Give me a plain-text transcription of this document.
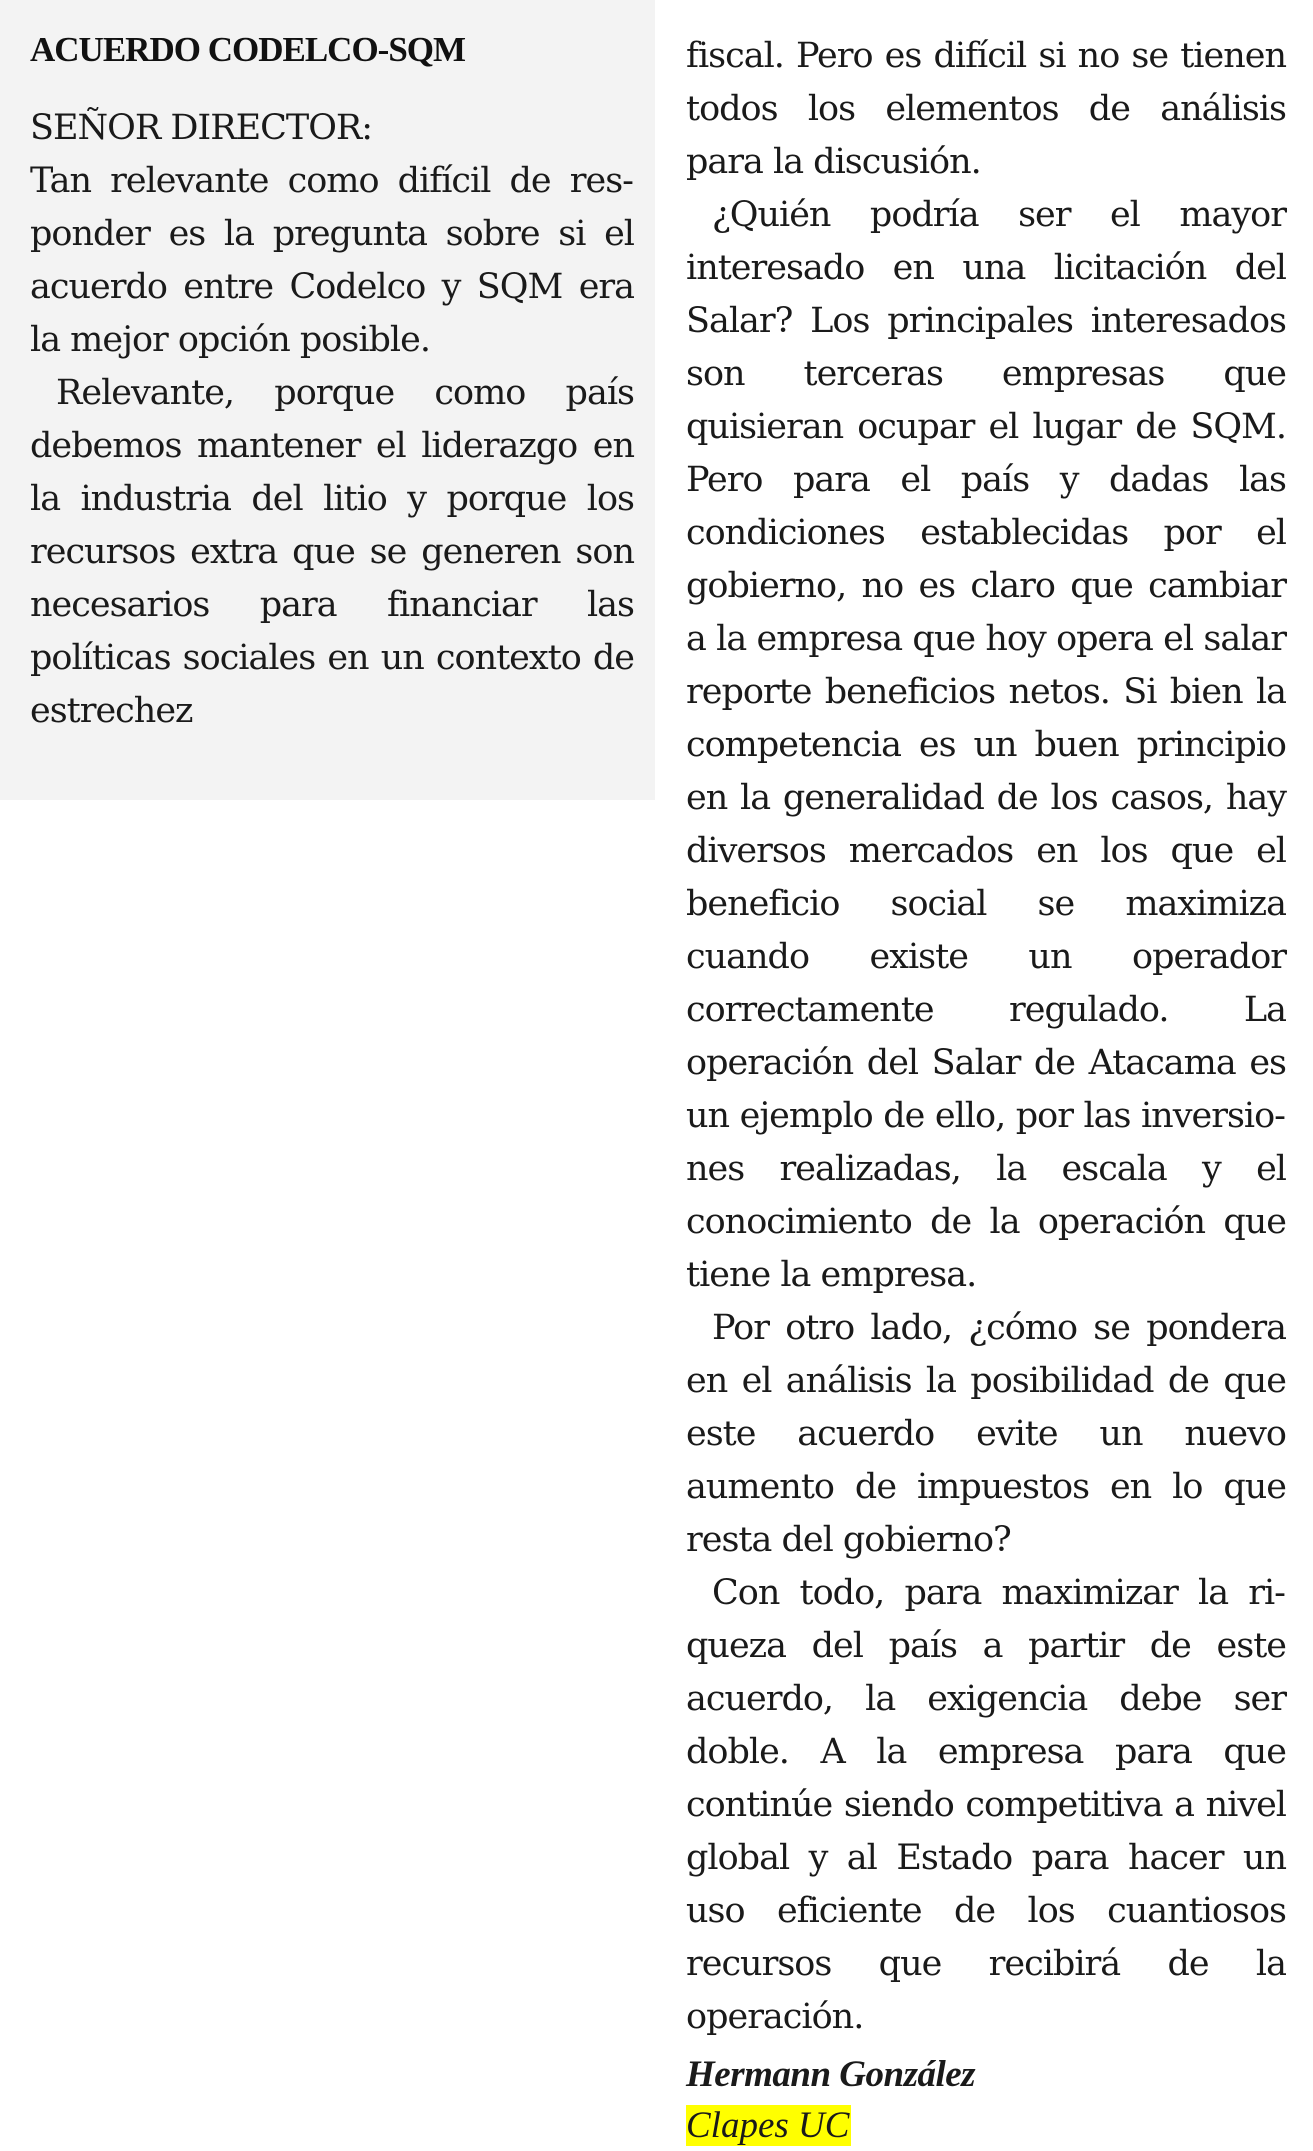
ACUERDO CODELCO-SQM

SEÑOR DIRECTOR:

Tan relevante como difícil de responder es la pregunta sobre si el acuerdo entre Codelco y SQM era la mejor opción posible.

Relevante, porque como país debemos mantener el liderazgo en la industria del litio y porque los recursos extra que se generen son necesarios para financiar las políticas sociales en un contexto de estrechez

fiscal. Pero es difícil si no se tienen todos los elementos de análisis para la discusión.

¿Quién podría ser el mayor interesado en una licitación del Salar? Los principales interesados son terceras empresas que quisieran ocupar el lugar de SQM. Pero para el país y dadas las condiciones establecidas por el gobierno, no es claro que cambiar a la empresa que hoy opera el salar reporte beneficios netos. Si bien la competencia es un buen principio en la generalidad de los casos, hay diversos mercados en los que el beneficio social se maximiza cuando existe un operador correctamente regulado. La operación del Salar de Atacama es un ejemplo de ello, por las inversiones realizadas, la escala y el conocimiento de la operación que tiene la empresa.

Por otro lado, ¿cómo se pondera en el análisis la posibilidad de que este acuerdo evite un nuevo aumento de impuestos en lo que resta del gobierno?

Con todo, para maximizar la riqueza del país a partir de este acuerdo, la exigencia debe ser doble. A la empresa para que continúe siendo competitiva a nivel global y al Estado para hacer un uso eficiente de los cuantiosos recursos que recibirá de la operación.

Hermann González

Clapes UC
